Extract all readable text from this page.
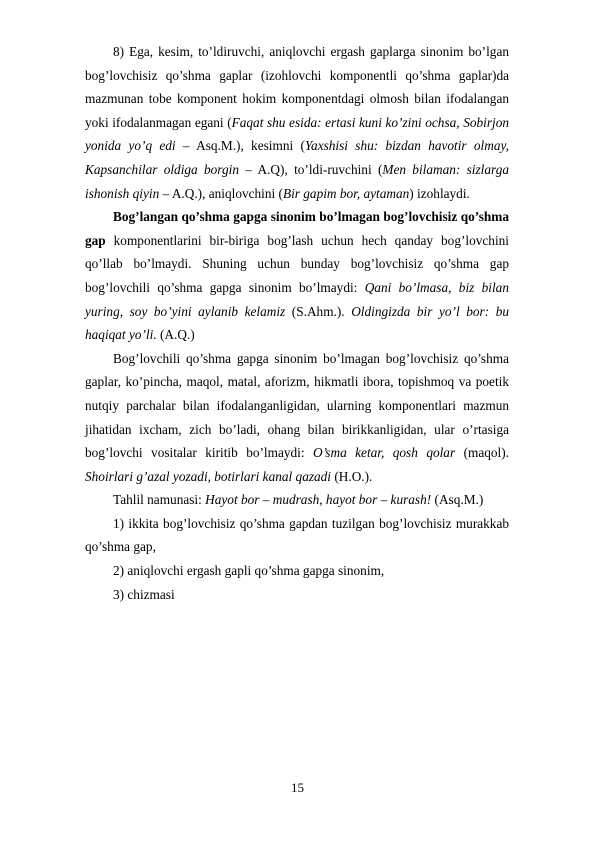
8) Ega, kesim, to’ldiruvchi, aniqlovchi ergash gaplarga sinonim bo’lgan bog’lovchisiz qo’shma gaplar (izohlovchi komponentli qo’shma gaplar)da mazmunan tobe komponent hokim komponentdagi olmosh bilan ifodalangan yoki ifodalanmagan egani (Faqat shu esida: ertasi kuni ko’zini ochsa, Sobirjon yonida yo’q edi – Asq.M.), kesimni (Yaxshisi shu: bizdan havotir olmay, Kapsanchilar oldiga borgin – A.Q), to’ldi-ruvchini (Men bilaman: sizlarga ishonish qiyin – A.Q.), aniqlovchini (Bir gapim bor, aytaman) izohlaydi.

Bog’langan qo’shma gapga sinonim bo’lmagan bog’lovchisiz qo’shma gap komponentlarini bir-biriga bog’lash uchun hech qanday bog’lovchini qo’llab bo’lmaydi. Shuning uchun bunday bog’lovchisiz qo’shma gap bog’lovchili qo’shma gapga sinonim bo’lmaydi: Qani bo’lmasa, biz bilan yuring, soy bo’yini aylanib kelamiz (S.Ahm.). Oldingizda bir yo’l bor: bu haqiqat yo’li. (A.Q.)

Bog’lovchili qo’shma gapga sinonim bo’lmagan bog’lovchisiz qo’shma gaplar, ko’pincha, maqol, matal, aforizm, hikmatli ibora, topishmoq va poetik nutqiy parchalar bilan ifodalanganligidan, ularning komponentlari mazmun jihatidan ixcham, zich bo’ladi, ohang bilan birikkanligidan, ular o’rtasiga bog’lovchi vositalar kiritib bo’lmaydi: O’sma ketar, qosh qolar (maqol). Shoirlari g’azal yozadi, botirlari kanal qazadi (H.O.).

Tahlil namunasi: Hayot bor – mudrash, hayot bor – kurash! (Asq.M.)

1) ikkita bog’lovchisiz qo’shma gapdan tuzilgan bog’lovchisiz murakkab qo’shma gap,

2) aniqlovchi ergash gapli qo’shma gapga sinonim,

3) chizmasi

15
